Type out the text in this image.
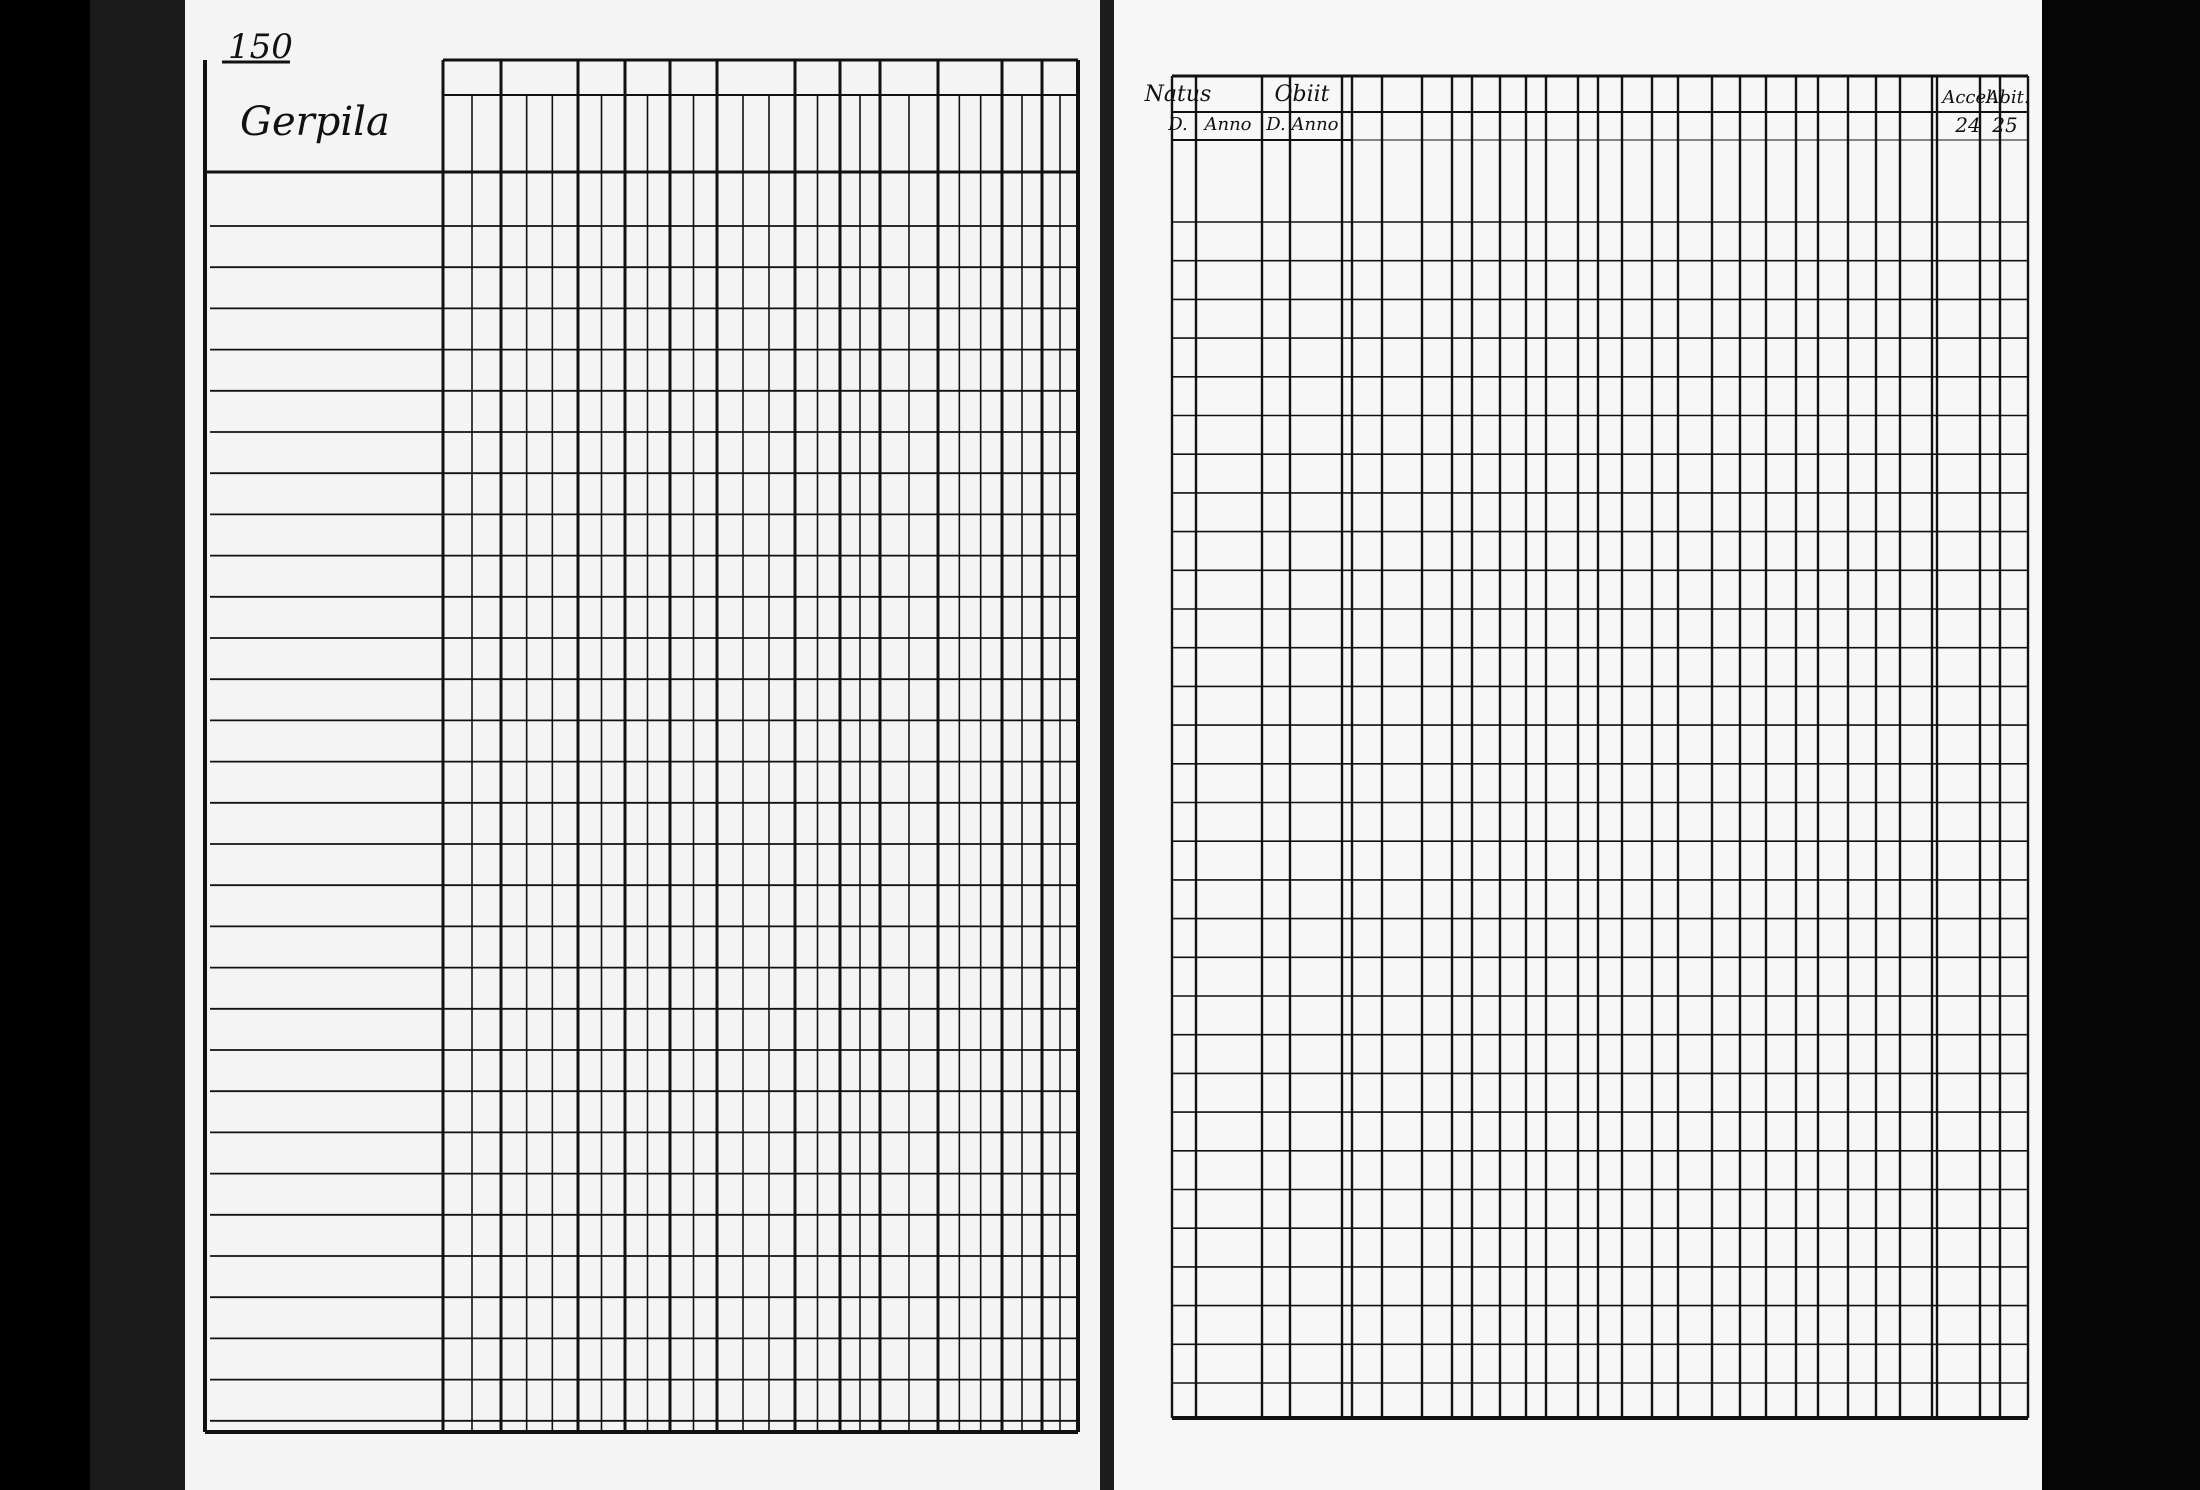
150
Gerpila
Natus	Obiit
D. Anno D. Anno
Accel.
Abit.
24 25
